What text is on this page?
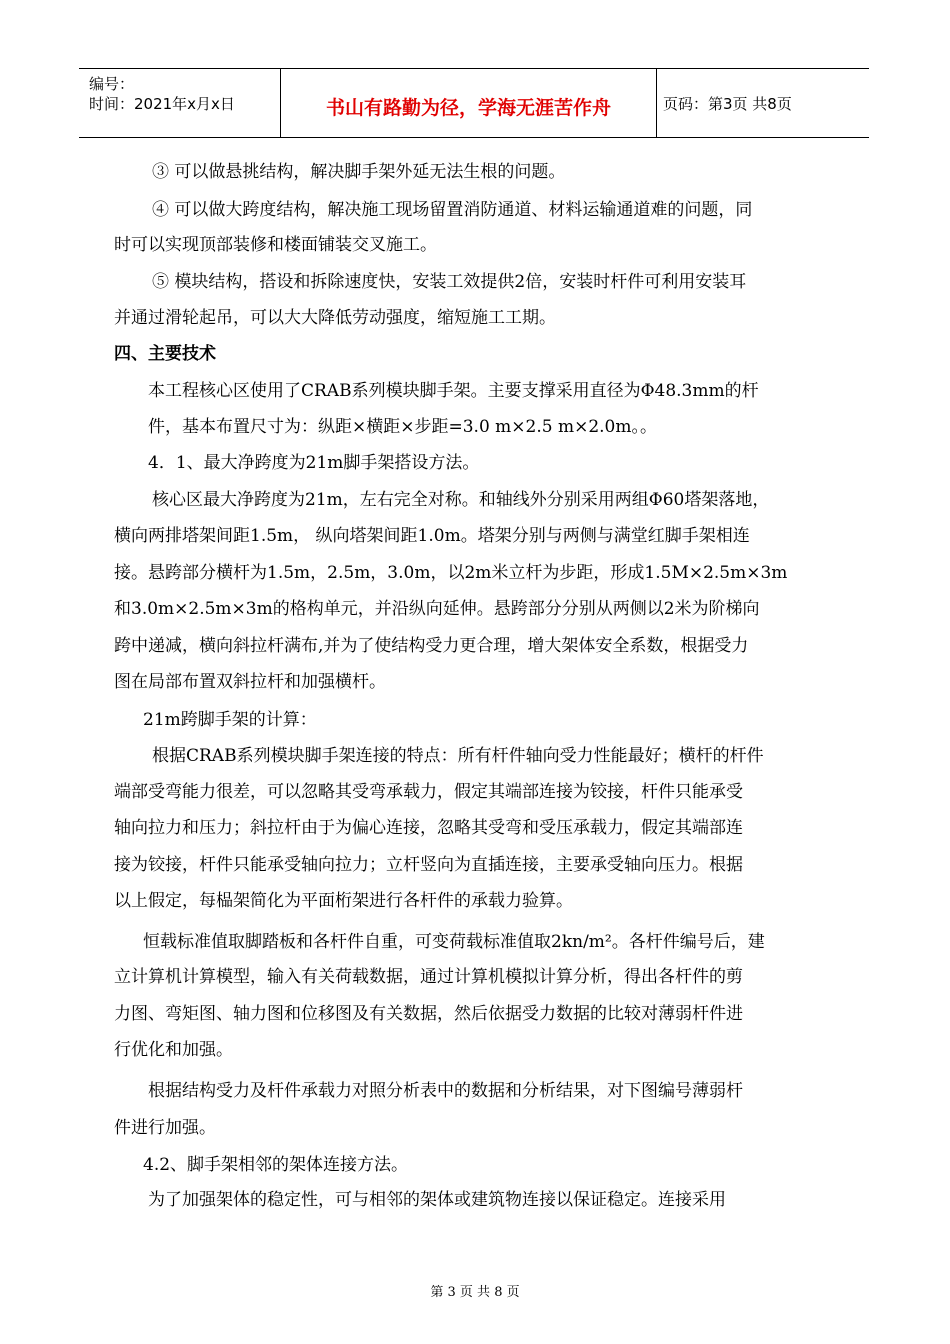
编号：
时间：2021年x月x日	书山有路勤为径，学海无涯苦作舟	页码：第3页 共8页
③ 可以做悬挑结构，解决脚手架外延无法生根的问题。
④ 可以做大跨度结构，解决施工现场留置消防通道、材料运输通道难的问题，同
时可以实现顶部装修和楼面铺装交叉施工。
⑤ 模块结构，搭设和拆除速度快，安装工效提供2倍，安装时杆件可利用安装耳
并通过滑轮起吊，可以大大降低劳动强度，缩短施工工期。
四、主要技术
本工程核心区使用了CRAB系列模块脚手架。主要支撑采用直径为Φ48.3mm的杆
件，基本布置尺寸为：纵距×横距×步距=3.0 m×2.5 m×2.0m。。
4．1、最大净跨度为21m脚手架搭设方法。
核心区最大净跨度为21m，左右完全对称。和轴线外分别采用两组Φ60塔架落地，
横向两排塔架间距1.5m， 纵向塔架间距1.0m。塔架分别与两侧与满堂红脚手架相连
接。悬跨部分横杆为1.5m，2.5m，3.0m，以2m米立杆为步距，形成1.5M×2.5m×3m
和3.0m×2.5m×3m的格构单元，并沿纵向延伸。悬跨部分分别从两侧以2米为阶梯向
跨中递减，横向斜拉杆满布,并为了使结构受力更合理，增大架体安全系数，根据受力
图在局部布置双斜拉杆和加强横杆。
21m跨脚手架的计算：
根据CRAB系列模块脚手架连接的特点：所有杆件轴向受力性能最好；横杆的杆件
端部受弯能力很差，可以忽略其受弯承载力，假定其端部连接为铰接，杆件只能承受
轴向拉力和压力；斜拉杆由于为偏心连接，忽略其受弯和受压承载力，假定其端部连
接为铰接，杆件只能承受轴向拉力；立杆竖向为直插连接，主要承受轴向压力。根据
以上假定，每榀架简化为平面桁架进行各杆件的承载力验算。
恒载标准值取脚踏板和各杆件自重，可变荷载标准值取2kn/m²。各杆件编号后，建
立计算机计算模型，输入有关荷载数据，通过计算机模拟计算分析，得出各杆件的剪
力图、弯矩图、轴力图和位移图及有关数据，然后依据受力数据的比较对薄弱杆件进
行优化和加强。
根据结构受力及杆件承载力对照分析表中的数据和分析结果，对下图编号薄弱杆
件进行加强。
4.2、脚手架相邻的架体连接方法。
为了加强架体的稳定性，可与相邻的架体或建筑物连接以保证稳定。连接采用
第 3 页 共 8 页
